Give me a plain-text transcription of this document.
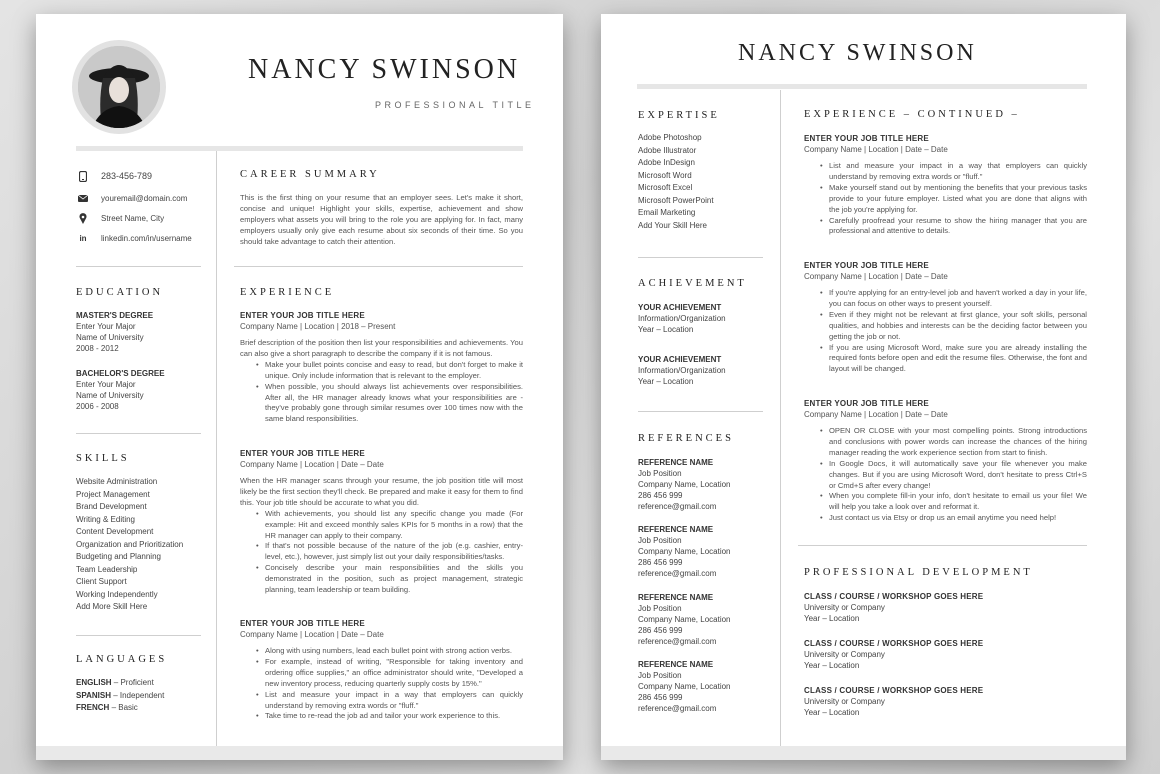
NANCY SWINSON
PROFESSIONAL TITLE
283-456-789
youremail@domain.com
Street Name, City
in	linkedin.com/in/username
EDUCATION
MASTER'S DEGREE
Enter Your Major
Name of University
2008 - 2012
BACHELOR'S DEGREE
Enter Your Major
Name of University
2006 - 2008
SKILLS
Website Administration
Project Management
Brand Development
Writing & Editing
Content Development
Organization and Prioritization
Budgeting and Planning
Team Leadership
Client Support
Working Independently
Add More Skill Here
LANGUAGES
ENGLISH – Proficient
SPANISH – Independent
FRENCH – Basic
CAREER SUMMARY
This is the first thing on your resume that an employer sees. Let's make it short, concise and unique! Highlight your skills, expertise, achievement and show employers what assets you will bring to the role you are applying for. In fact, many employers usually only give each resume about six seconds of their time. So you should take advantage to catch their attention.
EXPERIENCE
ENTER YOUR JOB TITLE HERE
Company Name | Location | 2018 – Present
Brief description of the position then list your responsibilities and achievements. You can also give a short paragraph to describe the company if it is not famous.
• Make your bullet points concise and easy to read, but don't forget to make it unique. Only include information that is relevant to the employer.
• When possible, you should always list achievements over responsibilities. After all, the HR manager already knows what your responsibilities are - they've probably gone through similar resumes over 100 times now with the same bland responsibilities.
ENTER YOUR JOB TITLE HERE
Company Name | Location | Date – Date
When the HR manager scans through your resume, the job position title will most likely be the first section they'll check. Be prepared and make it easy for them to find this. Your job title should be accurate to what you did.
• With achievements, you should list any specific change you made (For example: Hit and exceed monthly sales KPIs for 5 months in a row) that the HR manager can apply to their company.
• If that's not possible because of the nature of the job (e.g. cashier, entry-level, etc.), however, just simply list out your daily responsibilities/tasks.
• Concisely describe your main responsibilities and the skills you demonstrated in the position, such as project management, strategic planning, team leadership or team building.
ENTER YOUR JOB TITLE HERE
Company Name | Location | Date – Date
• Along with using numbers, lead each bullet point with strong action verbs.
• For example, instead of writing, "Responsible for taking inventory and ordering office supplies," an office administrator should write, "Developed a new inventory process, reducing quarterly supply costs by 15%."
• List and measure your impact in a way that employers can quickly understand by removing extra words or "fluff."
• Take time to re-read the job ad and tailor your work experience to this.
NANCY SWINSON
EXPERTISE
Adobe Photoshop
Adobe Illustrator
Adobe InDesign
Microsoft Word
Microsoft Excel
Microsoft PowerPoint
Email Marketing
Add Your Skill Here
ACHIEVEMENT
YOUR ACHIEVEMENT
Information/Organization
Year – Location
YOUR ACHIEVEMENT
Information/Organization
Year – Location
REFERENCES
REFERENCE NAME
Job Position
Company Name, Location
286 456 999
reference@gmail.com
REFERENCE NAME
Job Position
Company Name, Location
286 456 999
reference@gmail.com
REFERENCE NAME
Job Position
Company Name, Location
286 456 999
reference@gmail.com
REFERENCE NAME
Job Position
Company Name, Location
286 456 999
reference@gmail.com
EXPERIENCE – CONTINUED –
ENTER YOUR JOB TITLE HERE
Company Name | Location | Date – Date
• List and measure your impact in a way that employers can quickly understand by removing extra words or "fluff."
• Make yourself stand out by mentioning the benefits that your previous tasks provide to your future employer. Listed what you are done that aligns with the job you're applying for.
• Carefully proofread your resume to show the hiring manager that you are professional and attentive to details.
ENTER YOUR JOB TITLE HERE
Company Name | Location | Date – Date
• If you're applying for an entry-level job and haven't worked a day in your life, you can focus on other ways to present yourself.
• Even if they might not be relevant at first glance, your soft skills, personal qualities, and hobbies and interests can be the deciding factor between you getting the job or not.
• If you are using Microsoft Word, make sure you are already installing the required fonts before open and edit the resume files. Otherwise, the font and layout will be changed.
ENTER YOUR JOB TITLE HERE
Company Name | Location | Date – Date
• OPEN OR CLOSE with your most compelling points. Strong introductions and conclusions with power words can increase the chances of the hiring manager reading the work experience section from start to finish.
• In Google Docs, it will automatically save your file whenever you make changes. But if you are using Microsoft Word, don't hesitate to press Ctrl+S or Cmd+S after every change!
• When you complete fill-in your info, don't hesitate to email us your file! We will help you take a look over and reformat it.
• Just contact us via Etsy or drop us an email anytime you need help!
PROFESSIONAL DEVELOPMENT
CLASS / COURSE / WORKSHOP GOES HERE
University or Company
Year – Location
CLASS / COURSE / WORKSHOP GOES HERE
University or Company
Year – Location
CLASS / COURSE / WORKSHOP GOES HERE
University or Company
Year – Location
